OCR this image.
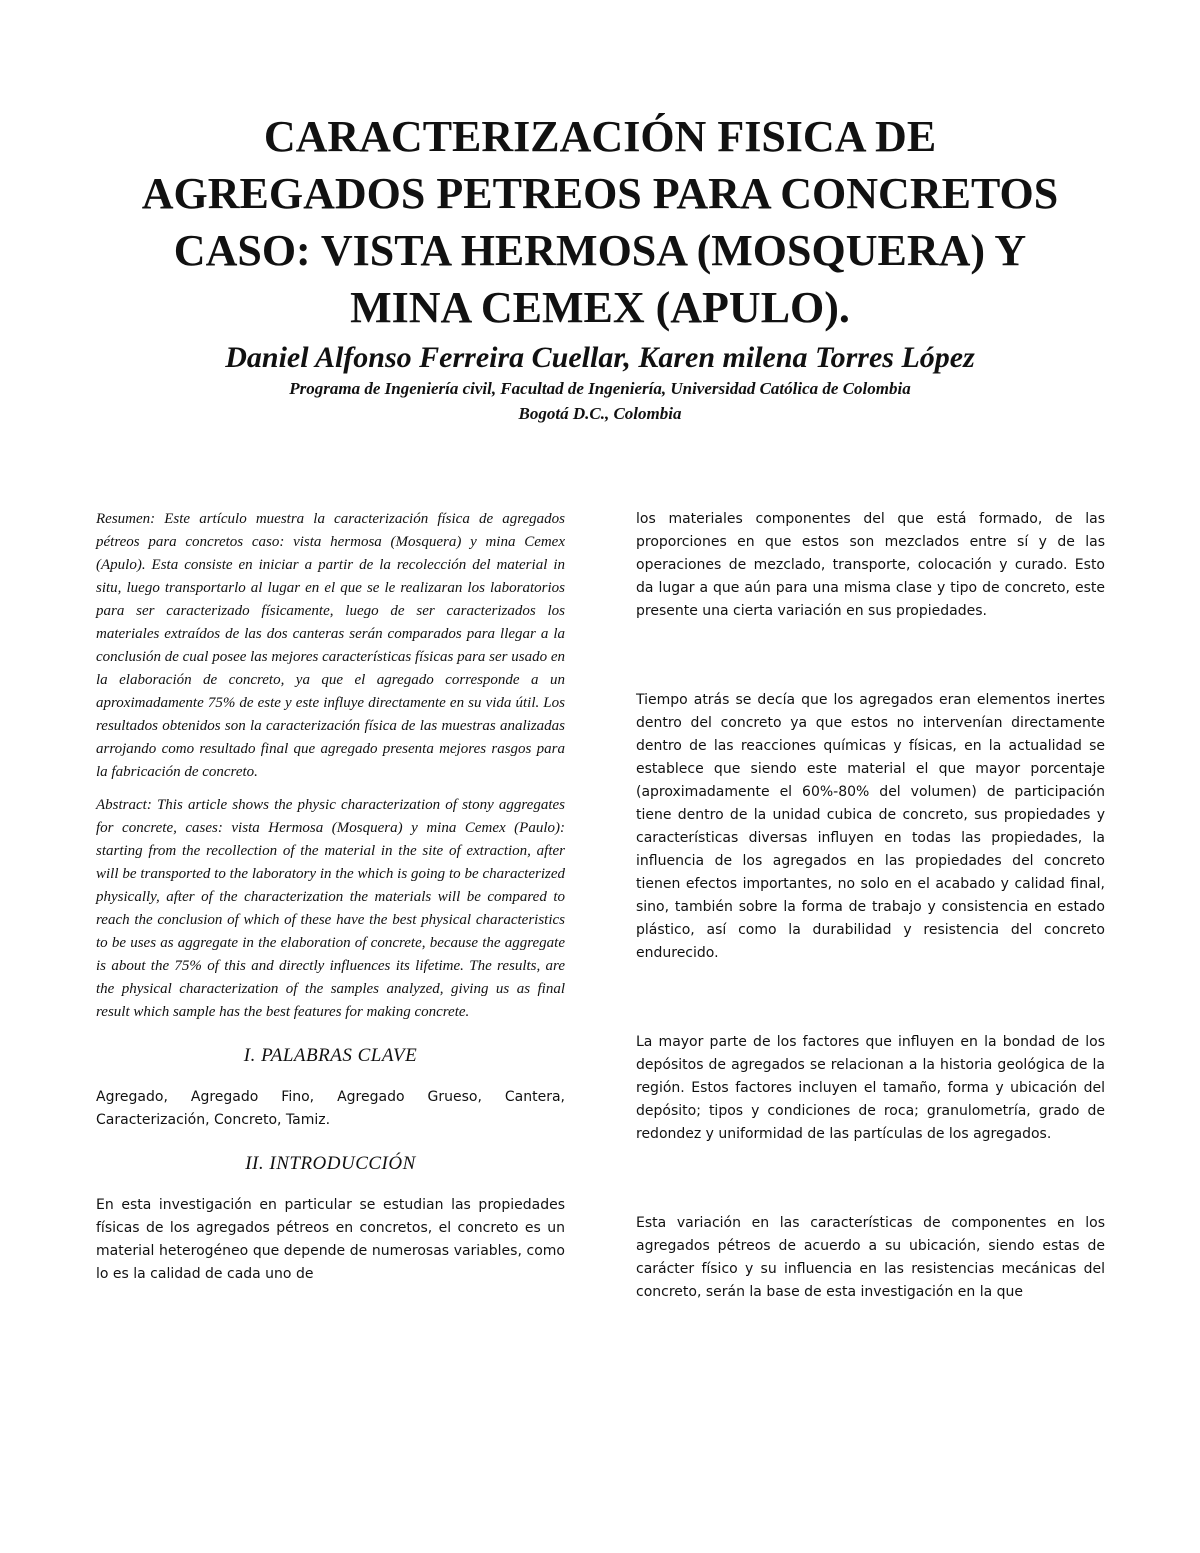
CARACTERIZACIÓN FISICA DE
AGREGADOS PETREOS PARA CONCRETOS
CASO: VISTA HERMOSA (MOSQUERA) Y
MINA CEMEX (APULO).
Daniel Alfonso Ferreira Cuellar, Karen milena Torres López
Programa de Ingeniería civil, Facultad de Ingeniería, Universidad Católica de Colombia
Bogotá D.C., Colombia

Resumen: Este artículo muestra la caracterización física de agregados pétreos para concretos caso: vista hermosa (Mosquera) y mina Cemex (Apulo). Esta consiste en iniciar a partir de la recolección del material in situ, luego transportarlo al lugar en el que se le realizaran los laboratorios para ser caracterizado físicamente, luego de ser caracterizados los materiales extraídos de las dos canteras serán comparados para llegar a la conclusión de cual posee las mejores características físicas para ser usado en la elaboración de concreto, ya que el agregado corresponde a un aproximadamente 75% de este y este influye directamente en su vida útil. Los resultados obtenidos son la caracterización física de las muestras analizadas arrojando como resultado final que agregado presenta mejores rasgos para la fabricación de concreto.

Abstract: This article shows the physic characterization of stony aggregates for concrete, cases: vista Hermosa (Mosquera) y mina Cemex (Paulo): starting from the recollection of the material in the site of extraction, after will be transported to the laboratory in the which is going to be characterized physically, after of the characterization the materials will be compared to reach the conclusion of which of these have the best physical characteristics to be uses as aggregate in the elaboration of concrete, because the aggregate is about the 75% of this and directly influences its lifetime. The results, are the physical characterization of the samples analyzed, giving us as final result which sample has the best features for making concrete.

I. PALABRAS CLAVE

Agregado, Agregado Fino, Agregado Grueso, Cantera, Caracterización, Concreto, Tamiz.

II. INTRODUCCIÓN

En esta investigación en particular se estudian las propiedades físicas de los agregados pétreos en concretos, el concreto es un material heterogéneo que depende de numerosas variables, como lo es la calidad de cada uno de

los materiales componentes del que está formado, de las proporciones en que estos son mezclados entre sí y de las operaciones de mezclado, transporte, colocación y curado. Esto da lugar a que aún para una misma clase y tipo de concreto, este presente una cierta variación en sus propiedades.

Tiempo atrás se decía que los agregados eran elementos inertes dentro del concreto ya que estos no intervenían directamente dentro de las reacciones químicas y físicas, en la actualidad se establece que siendo este material el que mayor porcentaje (aproximadamente el 60%-80% del volumen) de participación tiene dentro de la unidad cubica de concreto, sus propiedades y características diversas influyen en todas las propiedades, la influencia de los agregados en las propiedades del concreto tienen efectos importantes, no solo en el acabado y calidad final, sino, también sobre la forma de trabajo y consistencia en estado plástico, así como la durabilidad y resistencia del concreto endurecido.

La mayor parte de los factores que influyen en la bondad de los depósitos de agregados se relacionan a la historia geológica de la región. Estos factores incluyen el tamaño, forma y ubicación del depósito; tipos y condiciones de roca; granulometría, grado de redondez y uniformidad de las partículas de los agregados.

Esta variación en las características de componentes en los agregados pétreos de acuerdo a su ubicación, siendo estas de carácter físico y su influencia en las resistencias mecánicas del concreto, serán la base de esta investigación en la que
